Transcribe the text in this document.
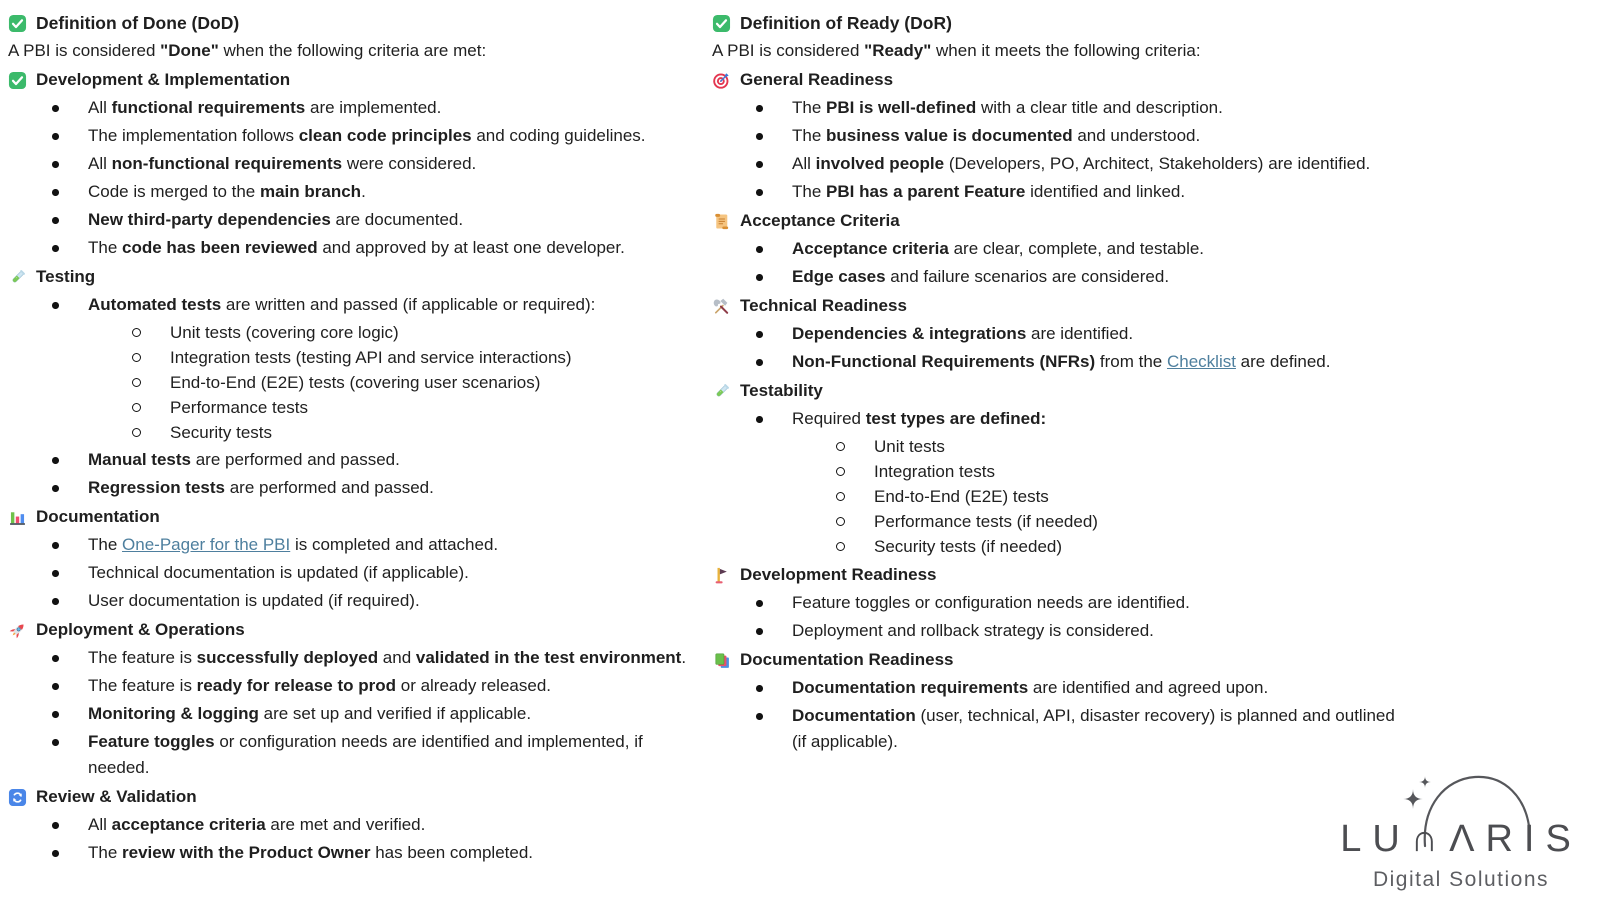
Definition of Done (DoD)
A PBI is considered "Done" when the following criteria are met:
Development & Implementation
All functional requirements are implemented.
The implementation follows clean code principles and coding guidelines.
All non-functional requirements were considered.
Code is merged to the main branch.
New third-party dependencies are documented.
The code has been reviewed and approved by at least one developer.
Testing
Automated tests are written and passed (if applicable or required):
Unit tests (covering core logic)
Integration tests (testing API and service interactions)
End-to-End (E2E) tests (covering user scenarios)
Performance tests
Security tests
Manual tests are performed and passed.
Regression tests are performed and passed.
Documentation
The One-Pager for the PBI is completed and attached.
Technical documentation is updated (if applicable).
User documentation is updated (if required).
Deployment & Operations
The feature is successfully deployed and validated in the test environment.
The feature is ready for release to prod or already released.
Monitoring & logging are set up and verified if applicable.
Feature toggles or configuration needs are identified and implemented, if needed.
Review & Validation
All acceptance criteria are met and verified.
The review with the Product Owner has been completed.
Definition of Ready (DoR)
A PBI is considered "Ready" when it meets the following criteria:
General Readiness
The PBI is well-defined with a clear title and description.
The business value is documented and understood.
All involved people (Developers, PO, Architect, Stakeholders) are identified.
The PBI has a parent Feature identified and linked.
Acceptance Criteria
Acceptance criteria are clear, complete, and testable.
Edge cases and failure scenarios are considered.
Technical Readiness
Dependencies & integrations are identified.
Non-Functional Requirements (NFRs) from the Checklist are defined.
Testability
Required test types are defined:
Unit tests
Integration tests
End-to-End (E2E) tests
Performance tests (if needed)
Security tests (if needed)
Development Readiness
Feature toggles or configuration needs are identified.
Deployment and rollback strategy is considered.
Documentation Readiness
Documentation requirements are identified and agreed upon.
Documentation (user, technical, API, disaster recovery) is planned and outlined (if applicable).
LU∩ΛRIS
Digital Solutions
